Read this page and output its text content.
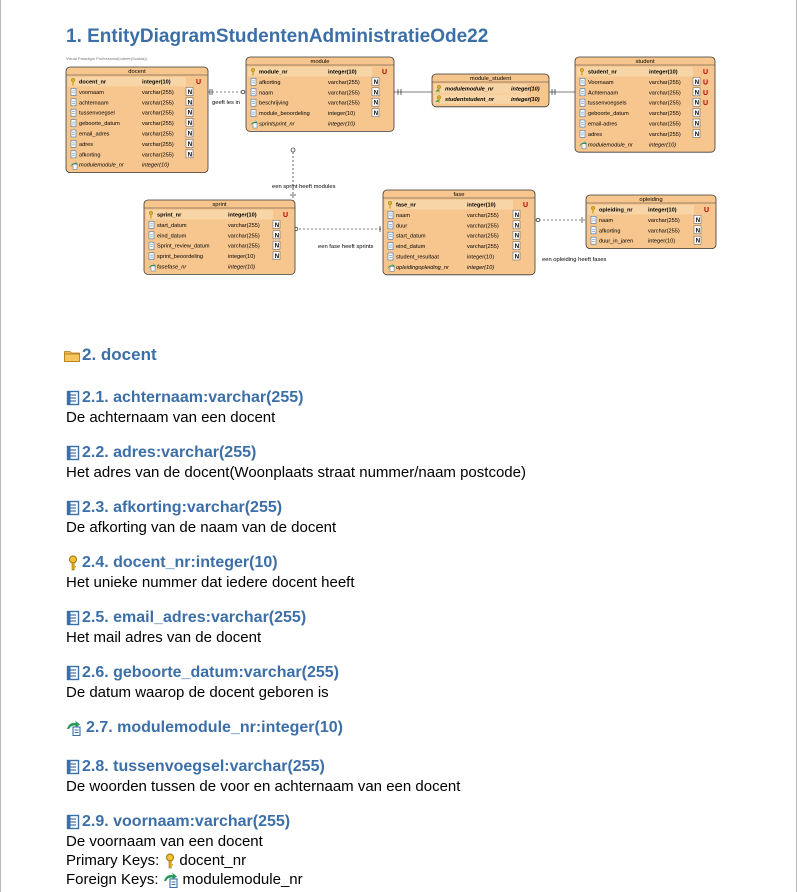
1. EntityDiagramStudentenAdministratieOde22
Visual Paradigm Professional(odeee(Scalda))
geeft les in
een sprint heeft modules
een fase heeft sprints
een opleiding heeft fases
docent
docent_nr	integer(10)	U
voornaam	varchar(255) N
achternaam	varchar(255) N
tussenvoegsel	varchar(255) N
geboorte_datum	varchar(255) N
email_adres	varchar(255) N
adres	varchar(255) N
afkorting	varchar(255) N
modulemodule_nr	integer(10)
module
module_nr	integer(10)	U
afkorting	varchar(255) N
naam	varchar(255) N
beschrijving	varchar(255) N
module_beoordeling	integer(10)	N
sprintsprint_nr	integer(10)
module_student
modulemodule_nr	integer(10)
studentstudent_nr	integer(10)
student
student_nr	integer(10)	U
Voornaam	varchar(255) N U
Achternaam	varchar(255) N U
tussenvoegsels	varchar(255) N U
geboorte_datum	varchar(255) N
email-adres	varchar(255) N
adres	varchar(255) N
modulemodule_nr	integer(10)
sprint
sprint_nr	integer(10)	U
start_datum	varchar(255)	N
eind_datum	varchar(255)	N
Sprint_review_datum	varchar(255)	N
sprint_beoordeling	integer(10)	N
fasefase_nr	integer(10)
fase
fase_nr	integer(10)	U
naam	varchar(255)	N
duur	varchar(255)	N
start_datum	varchar(255)	N
eind_datum	varchar(255)	N
student_resultaat	integer(10)	N
opleidingopleiding_nr	integer(10)
opleiding
opleiding_nr	integer(10)	U
naam	varchar(255)	N
afkorting	varchar(255)	N
duur_in_jaren	integer(10)	N
2. docent
2.1. achternaam:varchar(255)
De achternaam van een docent
2.2. adres:varchar(255)
Het adres van de docent(Woonplaats straat nummer/naam postcode)
2.3. afkorting:varchar(255)
De afkorting van de naam van de docent
2.4. docent_nr:integer(10)
Het unieke nummer dat iedere docent heeft
2.5. email_adres:varchar(255)
Het mail adres van de docent
2.6. geboorte_datum:varchar(255)
De datum waarop de docent geboren is
2.7. modulemodule_nr:integer(10)
2.8. tussenvoegsel:varchar(255)
De woorden tussen de voor en achternaam van een docent
2.9. voornaam:varchar(255)
De voornaam van een docent
Primary Keys: docent_nr
Foreign Keys: modulemodule_nr
